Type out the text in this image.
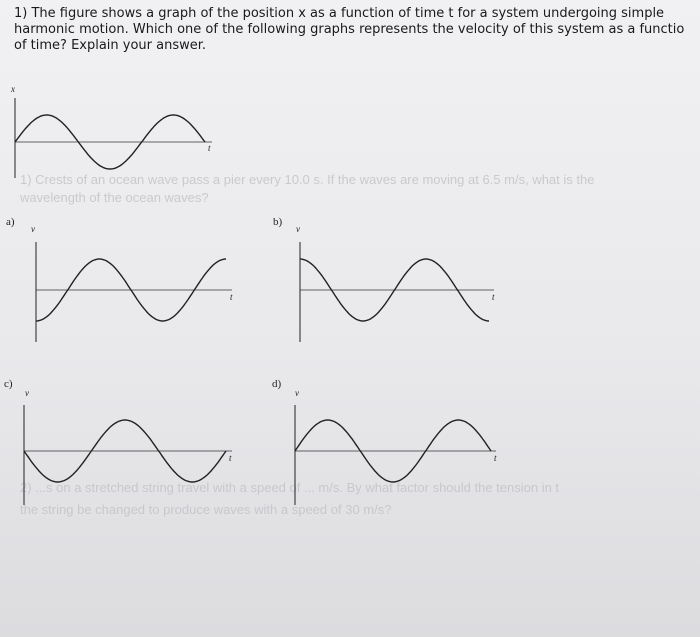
1) The figure shows a graph of the position x as a function of time t for a system undergoing simple
harmonic motion. Which one of the following graphs represents the velocity of this system as a functio
of time? Explain your answer.
1) Crests of an ocean wave pass a pier every 10.0 s. If the waves are moving at 6.5 m/s, what is the
wavelength of the ocean waves?
2) ...s on a stretched string travel with a speed of ... m/s. By what factor should the tension in t
the string be changed to produce waves with a speed of 30 m/s?
a)	b)
c)	d)
x
t
v
t
v
t
v
t
v
t
